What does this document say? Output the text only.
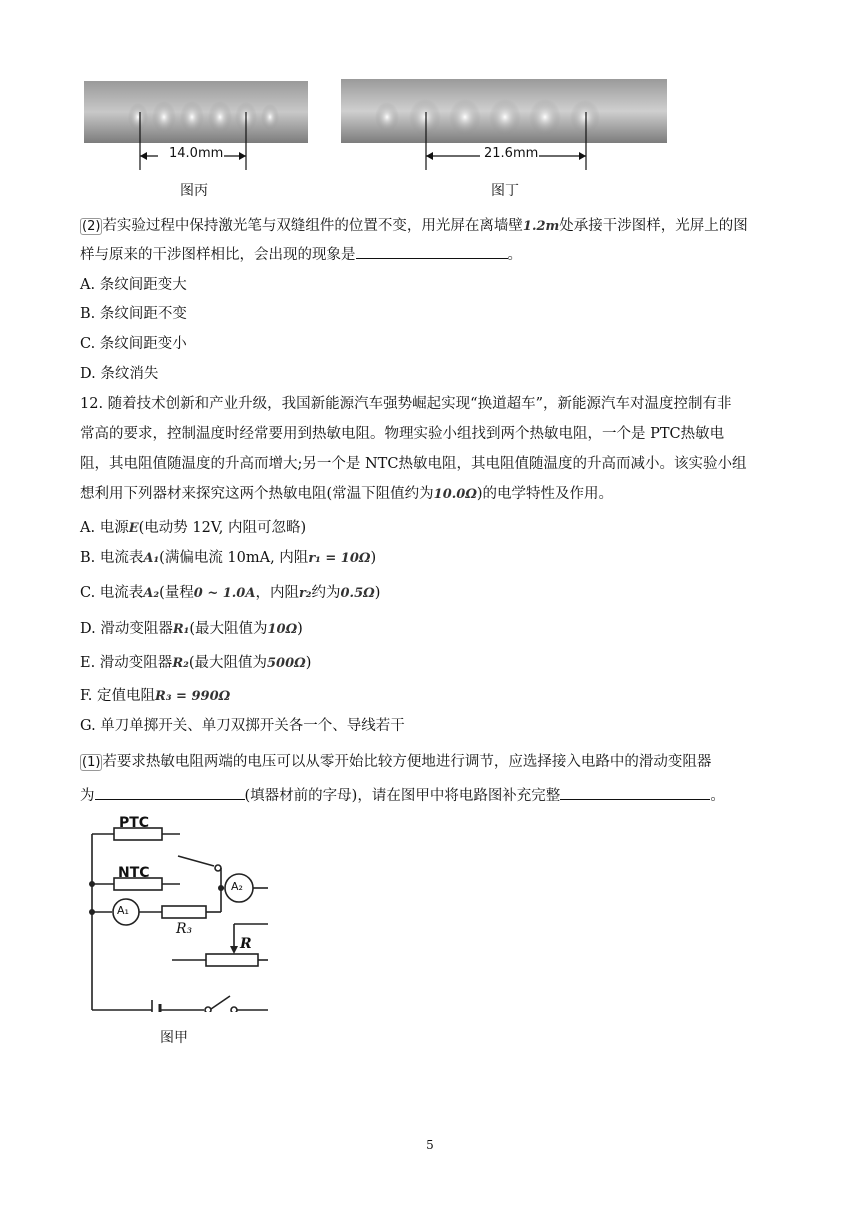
14.0mm
图丙
21.6mm
图丁
(2) 若实验过程中保持激光笔与双缝组件的位置不变，用光屏在离墙壁1.2m处承接干涉图样，光屏上的图
样与原来的干涉图样相比，会出现的现象是	。
A. 条纹间距变大
B. 条纹间距不变
C. 条纹间距变小
D. 条纹消失
12. 随着技术创新和产业升级，我国新能源汽车强势崛起实现“换道超车”，新能源汽车对温度控制有非
常高的要求，控制温度时经常要用到热敏电阻。物理实验小组找到两个热敏电阻，一个是 PTC热敏电
阻，其电阻值随温度的升高而增大;另一个是 NTC热敏电阻，其电阻值随温度的升高而减小。该实验小组
想利用下列器材来探究这两个热敏电阻(常温下阻值约为10.0Ω)的电学特性及作用。
A. 电源E(电动势 12V, 内阻可忽略)
B. 电流表A₁(满偏电流 10mA, 内阻r₁ = 10Ω)
C. 电流表A₂(量程0 ~ 1.0A，内阻r₂约为0.5Ω)
D. 滑动变阻器R₁(最大阻值为10Ω)
E. 滑动变阻器R₂(最大阻值为500Ω)
F. 定值电阻R₃ = 990Ω
G. 单刀单掷开关、单刀双掷开关各一个、导线若干
(1) 若要求热敏电阻两端的电压可以从零开始比较方便地进行调节，应选择接入电路中的滑动变阻器
为	(填器材前的字母)，请在图甲中将电路图补充完整	。
PTC
NTC
A₂
A₁
R₃
R
图甲
5
